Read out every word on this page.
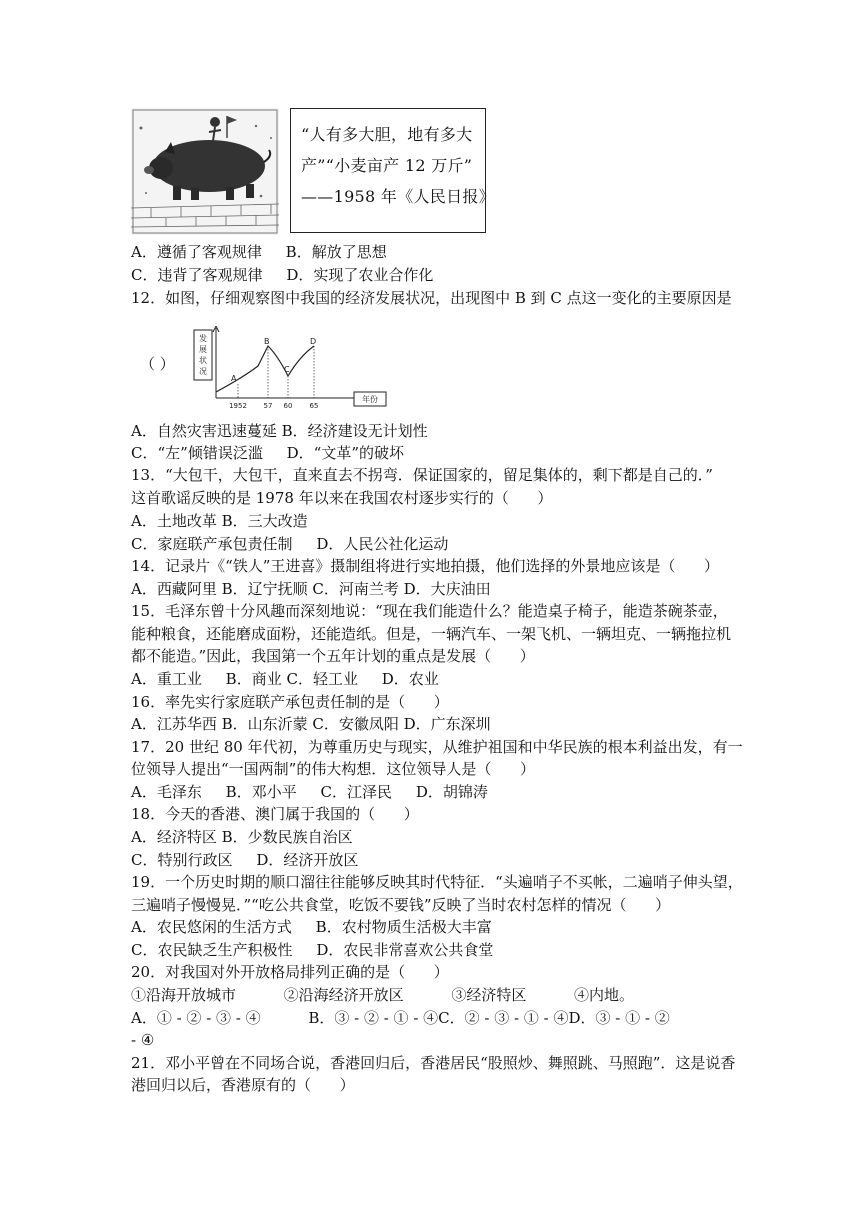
“人有多大胆，地有多大
产”“小麦亩产 12 万斤”
——1958 年《人民日报》
A．遵循了客观规律     B．解放了思想
C．违背了客观规律     D．实现了农业合作化
12．如图，仔细观察图中我国的经济发展状况，出现图中 B 到 C 点这一变化的主要原因是
（ ）
发展状况
A
B
C
D
1952 57 60 65
年份
A．自然灾害迅速蔓延 B．经济建设无计划性
C．“左”倾错误泛滥     D．“文革”的破坏
13．“大包干，大包干，直来直去不拐弯．保证国家的，留足集体的，剩下都是自己的．”
这首歌谣反映的是 1978 年以来在我国农村逐步实行的（      ）
A．土地改革 B．三大改造
C．家庭联产承包责任制     D．人民公社化运动
14．记录片《“铁人”王进喜》摄制组将进行实地拍摄，他们选择的外景地应该是（      ）
A．西藏阿里 B．辽宁抚顺 C．河南兰考 D．大庆油田
15．毛泽东曾十分风趣而深刻地说：“现在我们能造什么？能造桌子椅子，能造茶碗茶壶，
能种粮食，还能磨成面粉，还能造纸。但是，一辆汽车、一架飞机、一辆坦克、一辆拖拉机
都不能造。”因此，我国第一个五年计划的重点是发展（      ）
A．重工业     B．商业 C．轻工业     D．农业
16．率先实行家庭联产承包责任制的是（      ）
A．江苏华西 B．山东沂蒙 C．安徽凤阳 D．广东深圳
17．20 世纪 80 年代初，为尊重历史与现实，从维护祖国和中华民族的根本利益出发，有一
位领导人提出“一国两制”的伟大构想．这位领导人是（      ）
A．毛泽东     B．邓小平     C．江泽民     D．胡锦涛
18．今天的香港、澳门属于我国的（      ）
A．经济特区 B．少数民族自治区
C．特别行政区     D．经济开放区
19．一个历史时期的顺口溜往往能够反映其时代特征．“头遍哨子不买帐，二遍哨子伸头望，
三遍哨子慢慢晃．”“吃公共食堂，吃饭不要钱”反映了当时农村怎样的情况（      ）
A．农民悠闲的生活方式     B．农村物质生活极大丰富
C．农民缺乏生产积极性     D．农民非常喜欢公共食堂
20．对我国对外开放格局排列正确的是（      ）
①沿海开放城市          ②沿海经济开放区          ③经济特区          ④内地。
A．① - ② - ③ - ④          B．③ - ② - ① - ④C．② - ③ - ① - ④D．③ - ① - ②
- ④
21．邓小平曾在不同场合说，香港回归后，香港居民“股照炒、舞照跳、马照跑”．这是说香
港回归以后，香港原有的（      ）
